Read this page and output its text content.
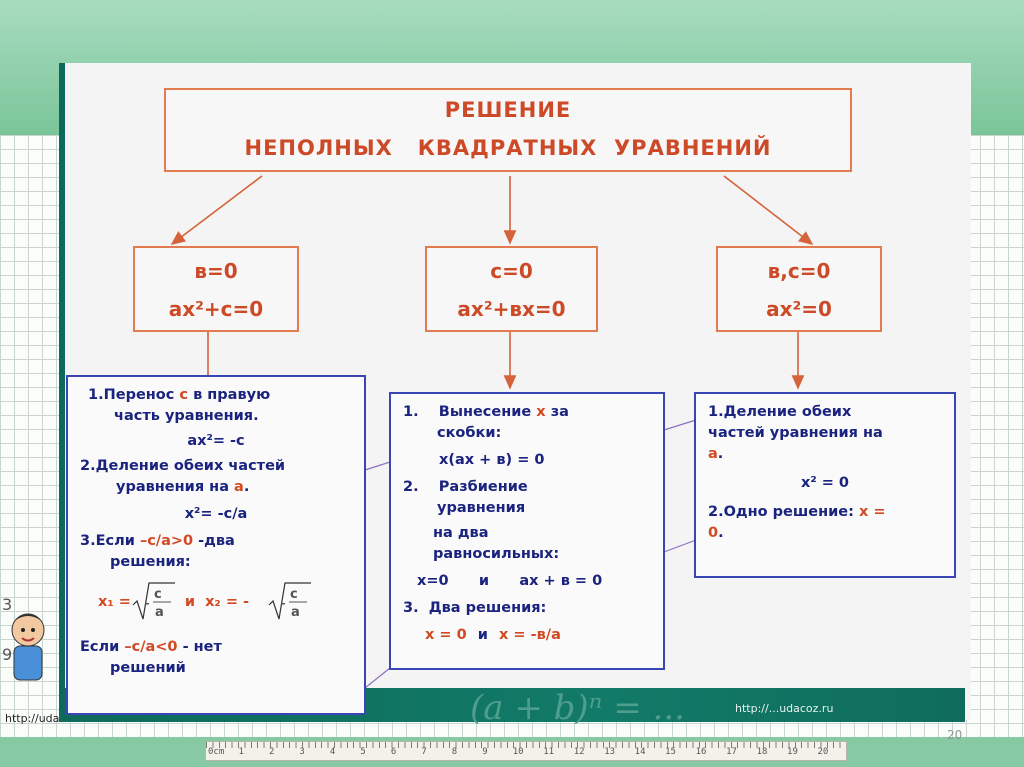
0cm 1	2	3	4	5	6	7	8	9	10 11 12 13 14 15 16 17 18 19 20
20
3
9
(а + b)ⁿ = ...	http://...udacoz.ru
http://uda
РЕШЕНИЕ
НЕПОЛНЫХ   КВАДРАТНЫХ  УРАВНЕНИЙ
в=0
ах²+с=0
с=0
ах²+вх=0
в,с=0
ах²=0
1.Перенос с в правую
часть уравнения.
ах²= -с
2.Деление обеих частей
уравнения на а.
х²= -с/а
3.Если –с/а>0 -два
решения:
х₁ = с
а
- и х₂ = -	с
а
-
Если –с/а<0 - нет
решений
1.    Вынесение х за
скобки:
х(ах + в) = 0
2.    Разбиение
уравнения
на два
равносильных:
х=0      и      ах + в = 0
3.  Два решения:
х = 0 и х = -в/а
1.Деление обеих
частей уравнения на
а.
х² = 0
2.Одно решение: х =
0.
